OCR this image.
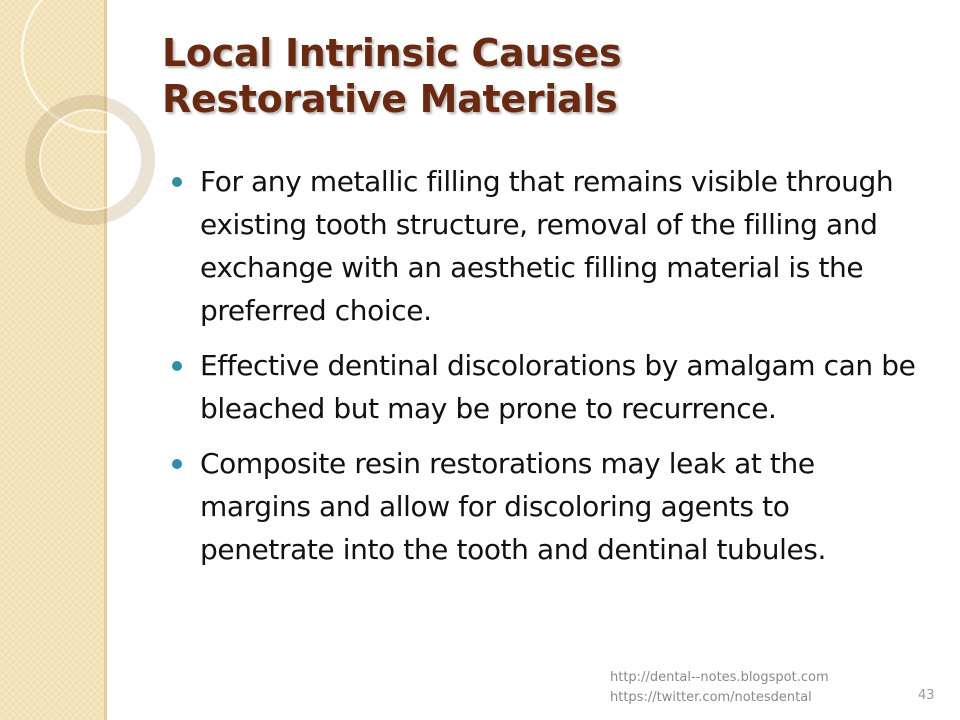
Local Intrinsic Causes
Restorative Materials
For any metallic filling that remains visible through existing tooth structure, removal of the filling and exchange with an aesthetic filling material is the preferred choice.
Effective dentinal discolorations by amalgam can be bleached but may be prone to recurrence.
Composite resin restorations may leak at the margins and allow for discoloring agents to penetrate into the tooth and dentinal tubules.
http://dental--notes.blogspot.com
https://twitter.com/notesdental	43
